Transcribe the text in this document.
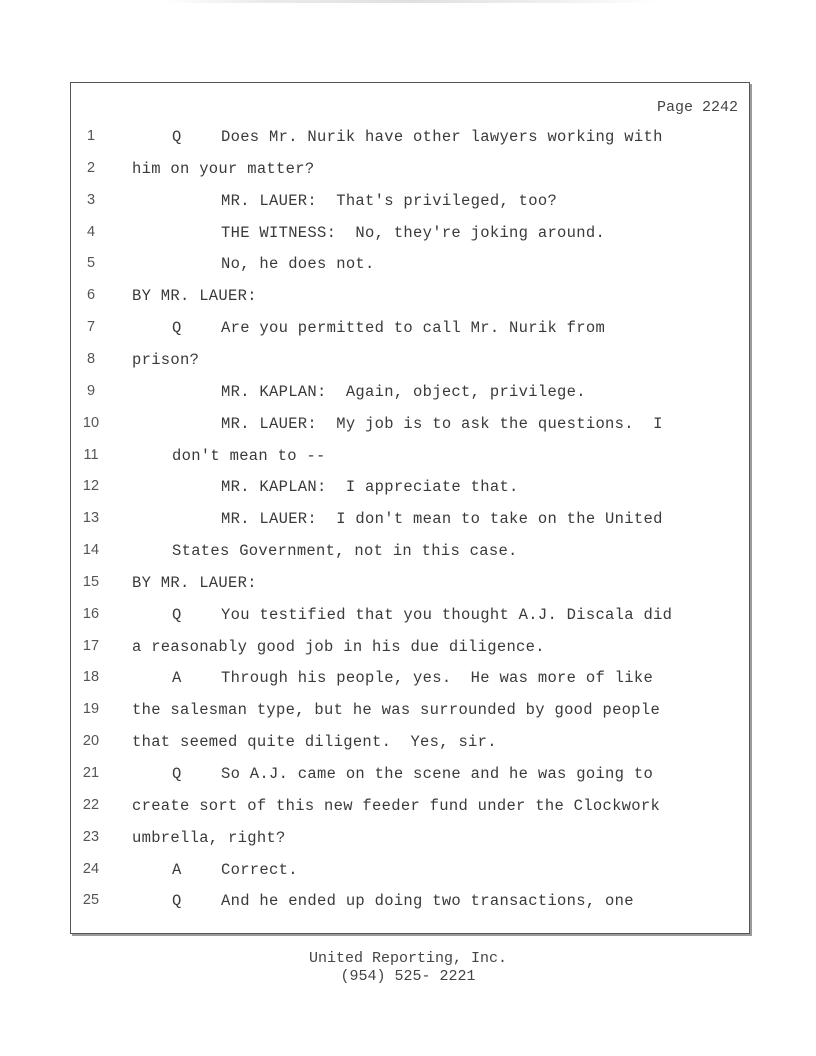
Page 2242
1	Q	Does Mr. Nurik have other lawyers working with
2	him on your matter?
3	MR. LAUER:  That's privileged, too?
4	THE WITNESS:  No, they're joking around.
5	No, he does not.
6	BY MR. LAUER:
7	Q	Are you permitted to call Mr. Nurik from
8	prison?
9	MR. KAPLAN:  Again, object, privilege.
10	MR. LAUER:  My job is to ask the questions.  I
11	don't mean to --
12	MR. KAPLAN:  I appreciate that.
13	MR. LAUER:  I don't mean to take on the United
14	States Government, not in this case.
15	BY MR. LAUER:
16	Q	You testified that you thought A.J. Discala did
17	a reasonably good job in his due diligence.
18	A	Through his people, yes.  He was more of like
19	the salesman type, but he was surrounded by good people
20	that seemed quite diligent.  Yes, sir.
21	Q	So A.J. came on the scene and he was going to
22	create sort of this new feeder fund under the Clockwork
23	umbrella, right?
24	A	Correct.
25	Q	And he ended up doing two transactions, one
United Reporting, Inc.
(954) 525- 2221
